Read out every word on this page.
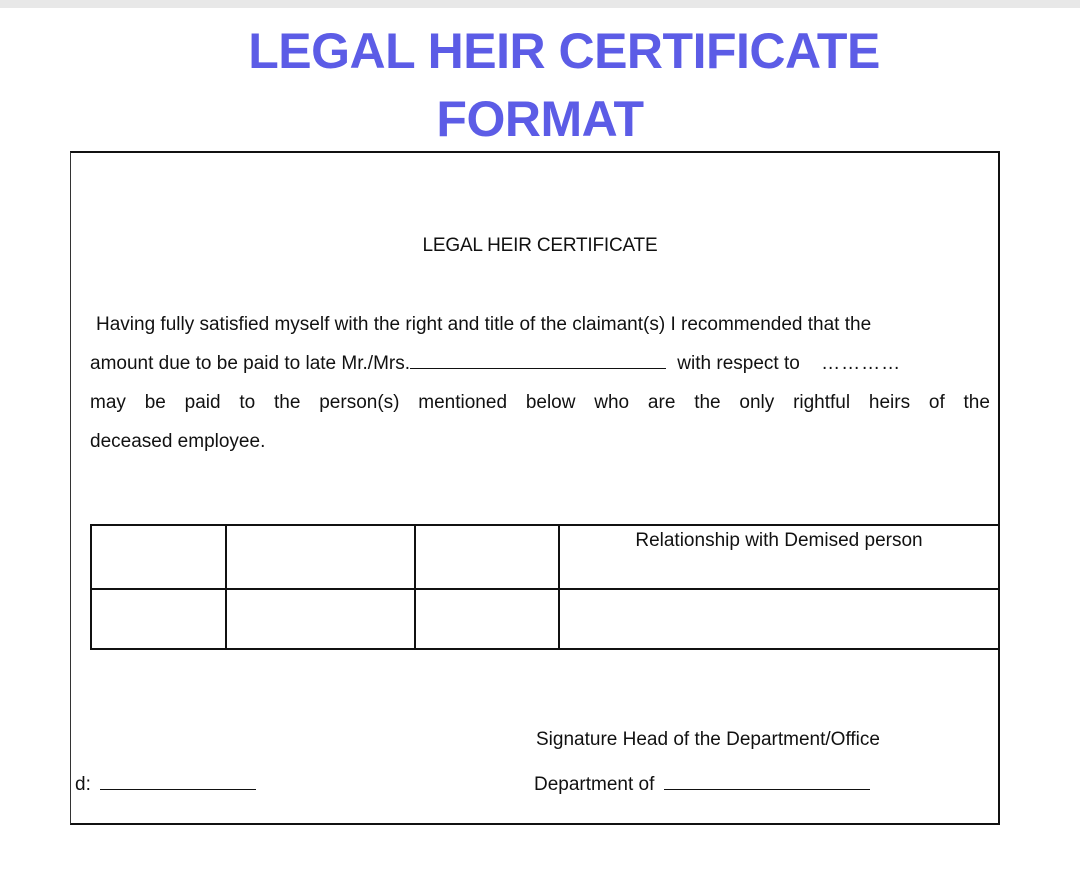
LEGAL HEIR CERTIFICATE
FORMAT
LEGAL HEIR CERTIFICATE
Having fully satisfied myself with the right and title of the claimant(s) I recommended that the
amount due to be paid to late Mr./Mrs.	with respect to …………
may be paid to the person(s) mentioned below who are the only rightful heirs of the
deceased employee.
			Relationship with Demised person

Signature Head of the Department/Office
d:	Department of
